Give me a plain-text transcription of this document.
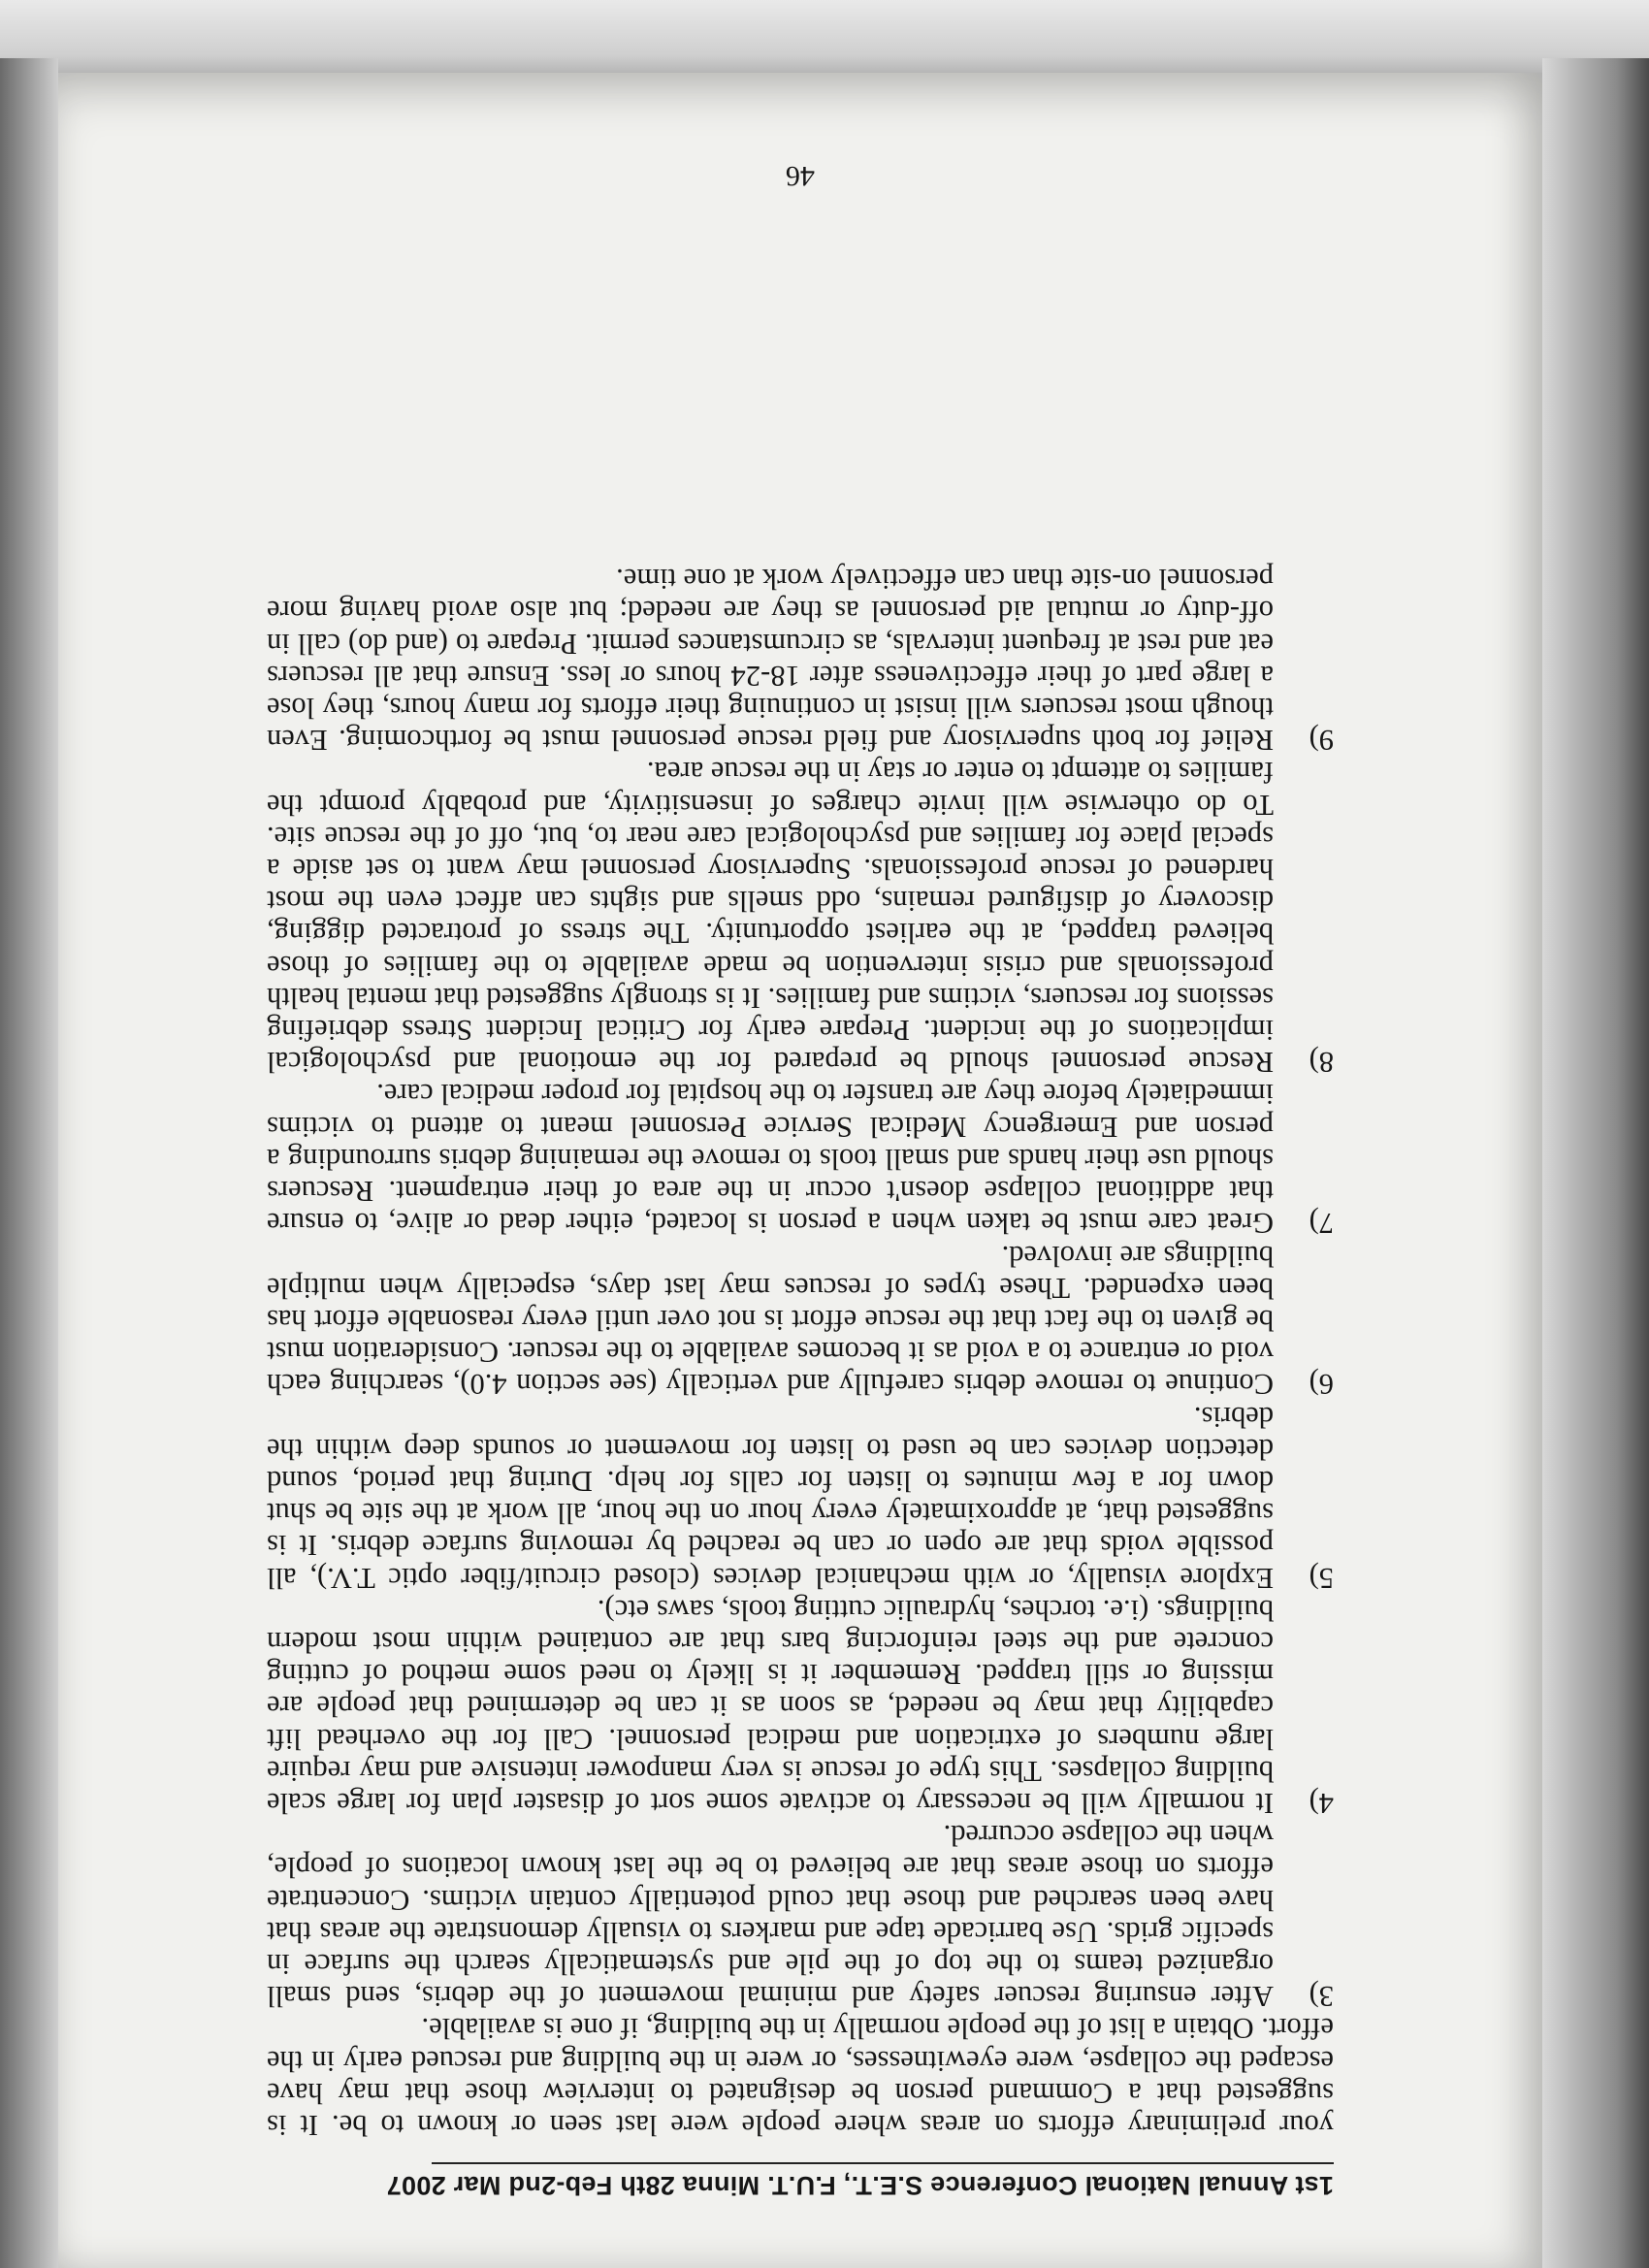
1st Annual National Conference S.E.T., F.U.T. Minna 28th Feb-2nd Mar 2007

your preliminary efforts on areas where people were last seen or known to be. It is suggested that a Command person be designated to interview those that may have escaped the collapse, were eyewitnesses, or were in the building and rescued early in the effort. Obtain a list of the people normally in the building, if one is available.

3)
After ensuring rescuer safety and minimal movement of the debris, send small organized teams to the top of the pile and systematically search the surface in specific grids. Use barricade tape and markers to visually demonstrate the areas that have been searched and those that could potentially contain victims. Concentrate efforts on those areas that are believed to be the last known locations of people, when the collapse occurred.
4)
It normally will be necessary to activate some sort of disaster plan for large scale building collapses. This type of rescue is very manpower intensive and may require large numbers of extrication and medical personnel. Call for the overhead lift capability that may be needed, as soon as it can be determined that people are missing or still trapped. Remember it is likely to need some method of cutting concrete and the steel reinforcing bars that are contained within most modern buildings. (i.e. torches, hydraulic cutting tools, saws etc).
5)
Explore visually, or with mechanical devices (closed circuit/fiber optic T.V.), all possible voids that are open or can be reached by removing surface debris. It is suggested that, at approximately every hour on the hour, all work at the site be shut down for a few minutes to listen for calls for help. During that period, sound detection devices can be used to listen for movement or sounds deep within the debris.
6)
Continue to remove debris carefully and vertically (see section 4.0), searching each void or entrance to a void as it becomes available to the rescuer. Consideration must be given to the fact that the rescue effort is not over until every reasonable effort has been expended. These types of rescues may last days, especially when multiple buildings are involved.
7)
Great care must be taken when a person is located, either dead or alive, to ensure that additional collapse doesn't occur in the area of their entrapment. Rescuers should use their hands and small tools to remove the remaining debris surrounding a person and Emergency Medical Service Personnel meant to attend to victims immediately before they are transfer to the hospital for proper medical care.
8)
Rescue personnel should be prepared for the emotional and psychological implications of the incident. Prepare early for Critical Incident Stress debriefing sessions for rescuers, victims and families. It is strongly suggested that mental health professionals and crisis intervention be made available to the families of those believed trapped, at the earliest opportunity. The stress of protracted digging, discovery of disfigured remains, odd smells and sights can affect even the most hardened of rescue professionals. Supervisory personnel may want to set aside a special place for families and psychological care near to, but, off of the rescue site. To do otherwise will invite charges of insensitivity, and probably prompt the families to attempt to enter or stay in the rescue area.
9)
Relief for both supervisory and field rescue personnel must be forthcoming. Even though most rescuers will insist in continuing their efforts for many hours, they lose a large part of their effectiveness after 18-24 hours or less. Ensure that all rescuers eat and rest at frequent intervals, as circumstances permit. Prepare to (and do) call in off-duty or mutual aid personnel as they are needed; but also avoid having more personnel on-site than can effectively work at one time.
46
